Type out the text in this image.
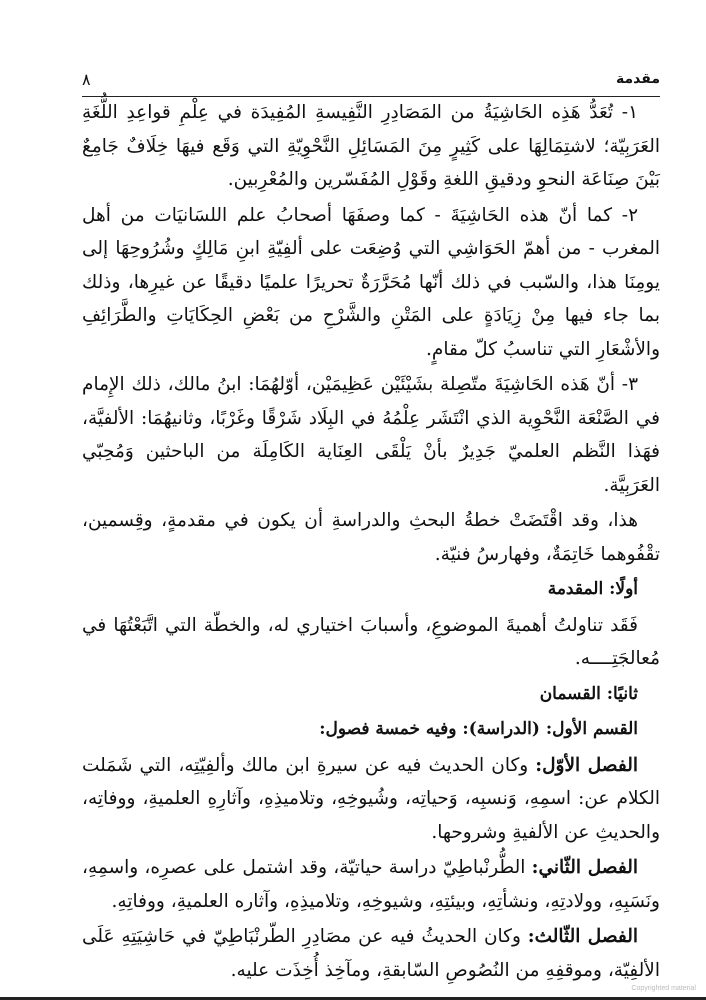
مقدمة
٨

١- تُعَدُّ هَذِه الحَاشِيَةُ من المَصَادِرِ النَّفِيسةِ المُفِيدَة في عِلْمِ قواعِدِ اللُّغَةِ العَرَبِيّة؛ لاشتِمَالِهَا على كَثِيرٍ مِنَ المَسَائِلِ النَّحْوِيّةِ التي وَقَع فيهَا خِلَافٌ جَامِعٌ بَيْنَ صِنَاعَة النحوِ ودقيقِ اللغةِ وقَوْلِ المُفَسّرين والمُعْرِبين.

٢- كما أنّ هذه الحَاشِيَةَ - كما وصفَهَا أصحابُ علم اللسَانيَات من أهل المغرب - من أهمّ الحَوَاشِي التي وُضِعَت على ألفِيّةِ ابنِ مَالِكٍ وشُرُوحِهَا إلى يومِنَا هذا، والسّبب في ذلك أنّها مُحَرَّرَةٌ تحريرًا علميًا دقيقًا عن غيرِها، وذلك بما جاء فيها مِنْ زِيَادَةٍ على المَتْنِ والشَّرْحِ من بَعْضِ الحِكَايَاتِ والطَّرَائِفِ والأشْعَارِ التي تناسبُ كلّ مقامٍ.

٣- أنّ هَذه الحَاشِيَةَ متّصِلة بشَيْئَيْن عَظِيمَيْن، أوّلهُمَا: ابنُ مالك، ذلك الإِمام في الصَّنْعَة النَّحْوِية الذي انْتَشَر عِلْمُهُ في البِلَاد شَرْقًا وغَرْبًا، وثانيهُمَا: الألفيَّة، فهَذا النَّظم العلميّ جَدِيرٌ بأنْ يَلْقَى العِنَاية الكَامِلَة من الباحثين وَمُحِبّي العَرَبِيَّة.

هذا، وقد اقْتَضَتْ خطةُ البحثِ والدراسةِ أن يكون في مقدمةٍ، وقِسمين، تقْفُوهما خَاتِمَةٌ، وفهارسُ فنيّة.

أولًا: المقدمة

فَقَد تناولتُ أهميةَ الموضوعِ، وأسبابَ اختياري له، والخطّة التي اتَّبَعْتُهَا في مُعالجَتِــــه.

ثانيًا: القسمان

القسم الأول: (الدراسة): وفيه خمسة فصول:

الفصل الأوّل: وكان الحديث فيه عن سيرةِ ابن مالك وألفِيّتِه، التي شَمَلت الكلام عن: اسمِهِ، وَنسبِه، وَحياتِه، وشُيوخِهِ، وتلاميذِهِ، وآثارِهِ العلميةِ، ووفاتِه، والحديثِ عن الألفيةِ وشروحها.

الفصل الثّاني: الطُّرنْباطِيّ دراسة حياتيّة، وقد اشتمل على عصرِه، واسمِهِ، ونَسَبِهِ، وولادتِهِ، ونشأتِهِ، وبيئتِهِ، وشيوخِهِ، وتلاميذِهِ، وآثاره العلميةِ، ووفاتِهِ.

الفصل الثّالث: وكان الحديثُ فيه عن مصَادِرِ الطّرنْبَاطِيّ في حَاشِيَتِهِ عَلَى الألفِيّة، وموقفِهِ من النُصُوصِ السّابقةِ، ومآخِذ أُخِذَت عليه.

Copyrighted material
